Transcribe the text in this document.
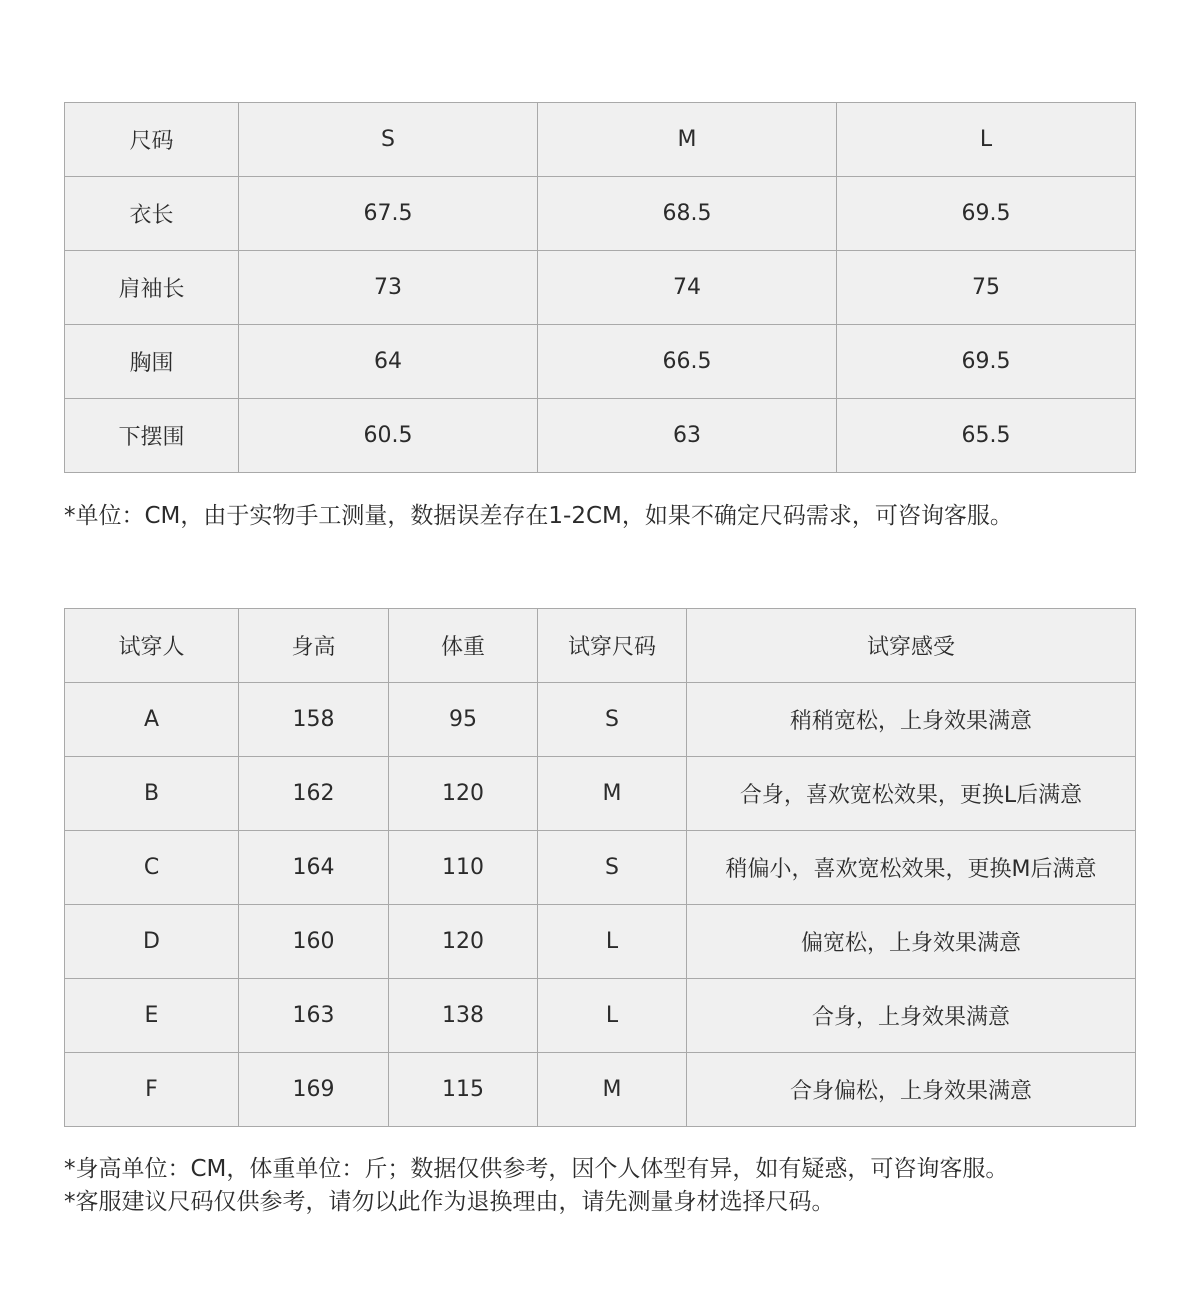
尺码	S	M	L
衣长	67.5	68.5	69.5
肩袖长	73	74	75
胸围	64	66.5	69.5
下摆围	60.5	63	65.5

*单位：CM，由于实物手工测量，数据误差存在1-2CM，如果不确定尺码需求，可咨询客服。

试穿人	身高	体重	试穿尺码	试穿感受
A	158	95	S	稍稍宽松，上身效果满意
B	162	120	M	合身，喜欢宽松效果，更换L后满意
C	164	110	S	稍偏小，喜欢宽松效果，更换M后满意
D	160	120	L	偏宽松，上身效果满意
E	163	138	L	合身，上身效果满意
F	169	115	M	合身偏松，上身效果满意
*身高单位：CM，体重单位：斤；数据仅供参考，因个人体型有异，如有疑惑，可咨询客服。
*客服建议尺码仅供参考，请勿以此作为退换理由，请先测量身材选择尺码。
